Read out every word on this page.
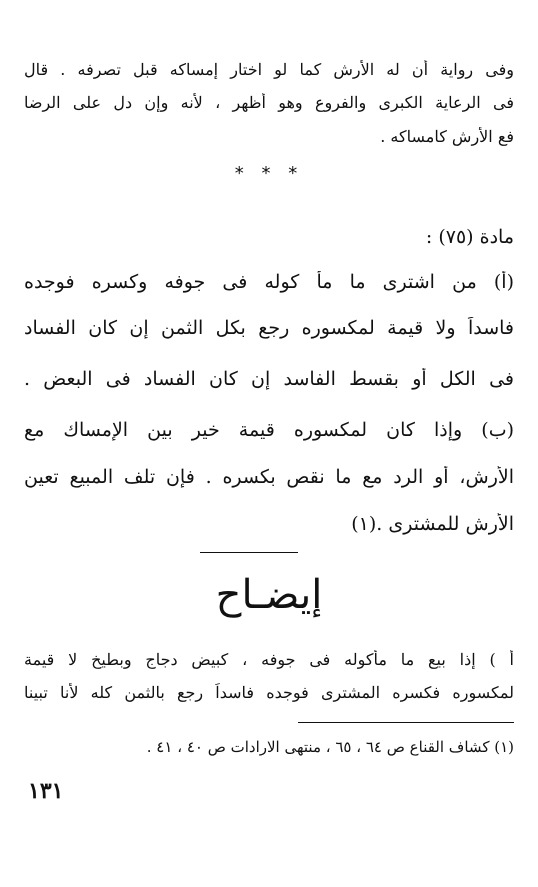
وفى رواية أن له الأرش كما لو اختار إمساكه قبل تصرفه . قال
فى الرعاية الكبرى والفروع وهو أظهر ، لأنه وإن دل على الرضا
فع الأرش كامساكه .
* * *
مادة (٧٥) :
(أ) من اشترى ما مأ كوله فى جوفه وكسره فوجده
فاسداً ولا قيمة لمكسوره رجع بكل الثمن إن كان الفساد
فى الكل أو بقسط الفاسد إن كان الفساد فى البعض .
(ب) وإذا كان لمكسوره قيمة خير بين الإمساك مع
الأرش، أو الرد مع ما نقص بكسره . فإن تلف المبيع تعين
الأرش للمشترى .(١)
إيضـاح
أ ) إذا بيع ما مأكوله فى جوفه ، كبيض دجاج وبطيخ لا قيمة
لمكسوره فكسره المشترى فوجده فاسداً رجع بالثمن كله لأنا تبينا
(١) كشاف القناع ص ٦٤ ، ٦٥ ، منتهى الارادات ص ٤٠ ، ٤١ .
١٣١
